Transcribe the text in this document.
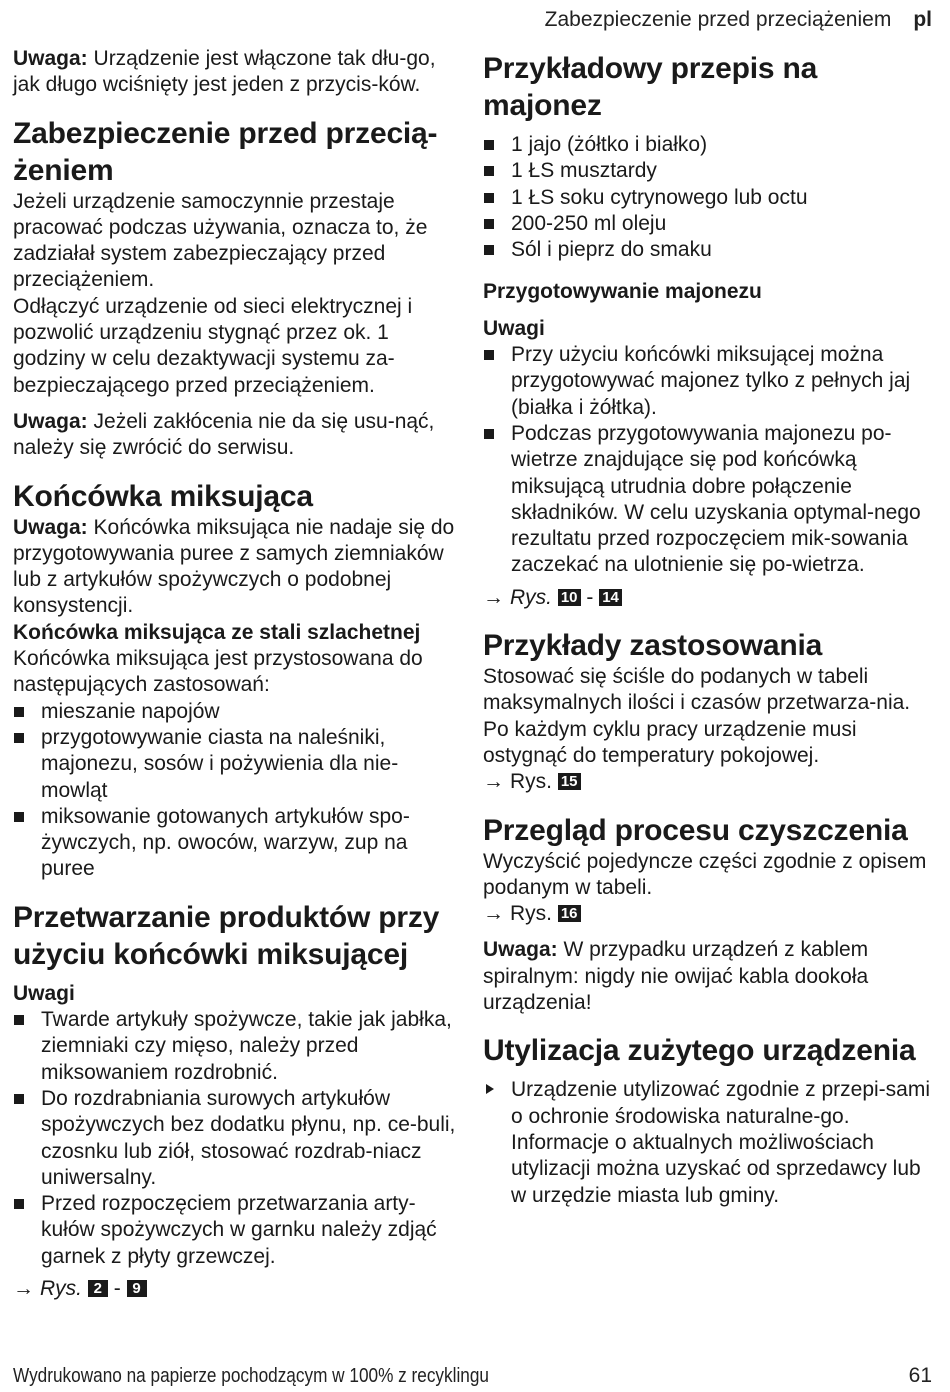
Zabezpieczenie przed przeciążeniem pl

Uwaga: Urządzenie jest włączone tak dłu-go, jak długo wciśnięty jest jeden z przycis-ków.

Zabezpieczenie przed przecią-żeniem

Jeżeli urządzenie samoczynnie przestaje pracować podczas używania, oznacza to, że zadziałał system zabezpieczający przed przeciążeniem.

Odłączyć urządzenie od sieci elektrycznej i pozwolić urządzeniu stygnąć przez ok. 1 godziny w celu dezaktywacji systemu za-bezpieczającego przed przeciążeniem.

Uwaga: Jeżeli zakłócenia nie da się usu-nąć, należy się zwrócić do serwisu.

Końcówka miksująca

Uwaga: Końcówka miksująca nie nadaje się do przygotowywania puree z samych ziemniaków lub z artykułów spożywczych o podobnej konsystencji.

Końcówka miksująca ze stali szlachetnej

Końcówka miksująca jest przystosowana do następujących zastosowań:

mieszanie napojów
przygotowywanie ciasta na naleśniki, majonezu, sosów i pożywienia dla nie-mowląt
miksowanie gotowanych artykułów spo-żywczych, np. owoców, warzyw, zup na puree
Przetwarzanie produktów przy użyciu końcówki miksującej
Uwagi
Twarde artykuły spożywcze, takie jak jabłka, ziemniaki czy mięso, należy przed miksowaniem rozdrobnić.
Do rozdrabniania surowych artykułów spożywczych bez dodatku płynu, np. ce-buli, czosnku lub ziół, stosować rozdrab-niacz uniwersalny.
Przed rozpoczęciem przetwarzania arty-kułów spożywczych w garnku należy zdjąć garnek z płyty grzewczej.

→ Rys. 2 - 9

Przykładowy przepis na majonez
1 jajo (żółtko i białko)
1 ŁS musztardy
1 ŁS soku cytrynowego lub octu
200-250 ml oleju
Sól i pieprz do smaku
Przygotowywanie majonezu
Uwagi
Przy użyciu końcówki miksującej można przygotowywać majonez tylko z pełnych jaj (białka i żółtka).
Podczas przygotowywania majonezu po-wietrze znajdujące się pod końcówką miksującą utrudnia dobre połączenie składników. W celu uzyskania optymal-nego rezultatu przed rozpoczęciem mik-sowania zaczekać na ulotnienie się po-wietrza.

→ Rys. 10 - 14

Przykłady zastosowania

Stosować się ściśle do podanych w tabeli maksymalnych ilości i czasów przetwarza-nia.

Po każdym cyklu pracy urządzenie musi ostygnąć do temperatury pokojowej.

→ Rys. 15

Przegląd procesu czyszczenia

Wyczyścić pojedyncze części zgodnie z opisem podanym w tabeli.

→ Rys. 16

Uwaga: W przypadku urządzeń z kablem spiralnym: nigdy nie owijać kabla dookoła urządzenia!

Utylizacja zużytego urządzenia
Urządzenie utylizować zgodnie z przepi-sami o ochronie środowiska naturalne-go.

Informacje o aktualnych możliwościach utylizacji można uzyskać od sprzedawcy lub w urzędzie miasta lub gminy.

Wydrukowano na papierze pochodzącym w 100% z recyklingu	61
